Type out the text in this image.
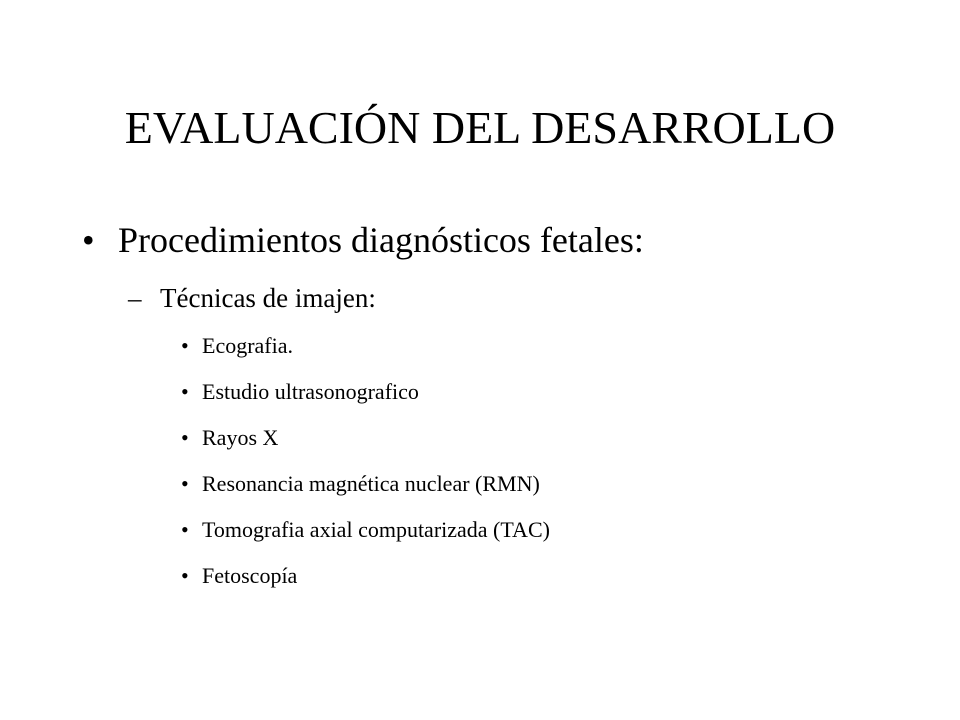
EVALUACIÓN DEL DESARROLLO
• Procedimientos diagnósticos fetales:
– Técnicas de imajen:
• Ecografia.
• Estudio ultrasonografico
• Rayos X
• Resonancia magnética nuclear (RMN)
• Tomografia axial computarizada (TAC)
• Fetoscopía
